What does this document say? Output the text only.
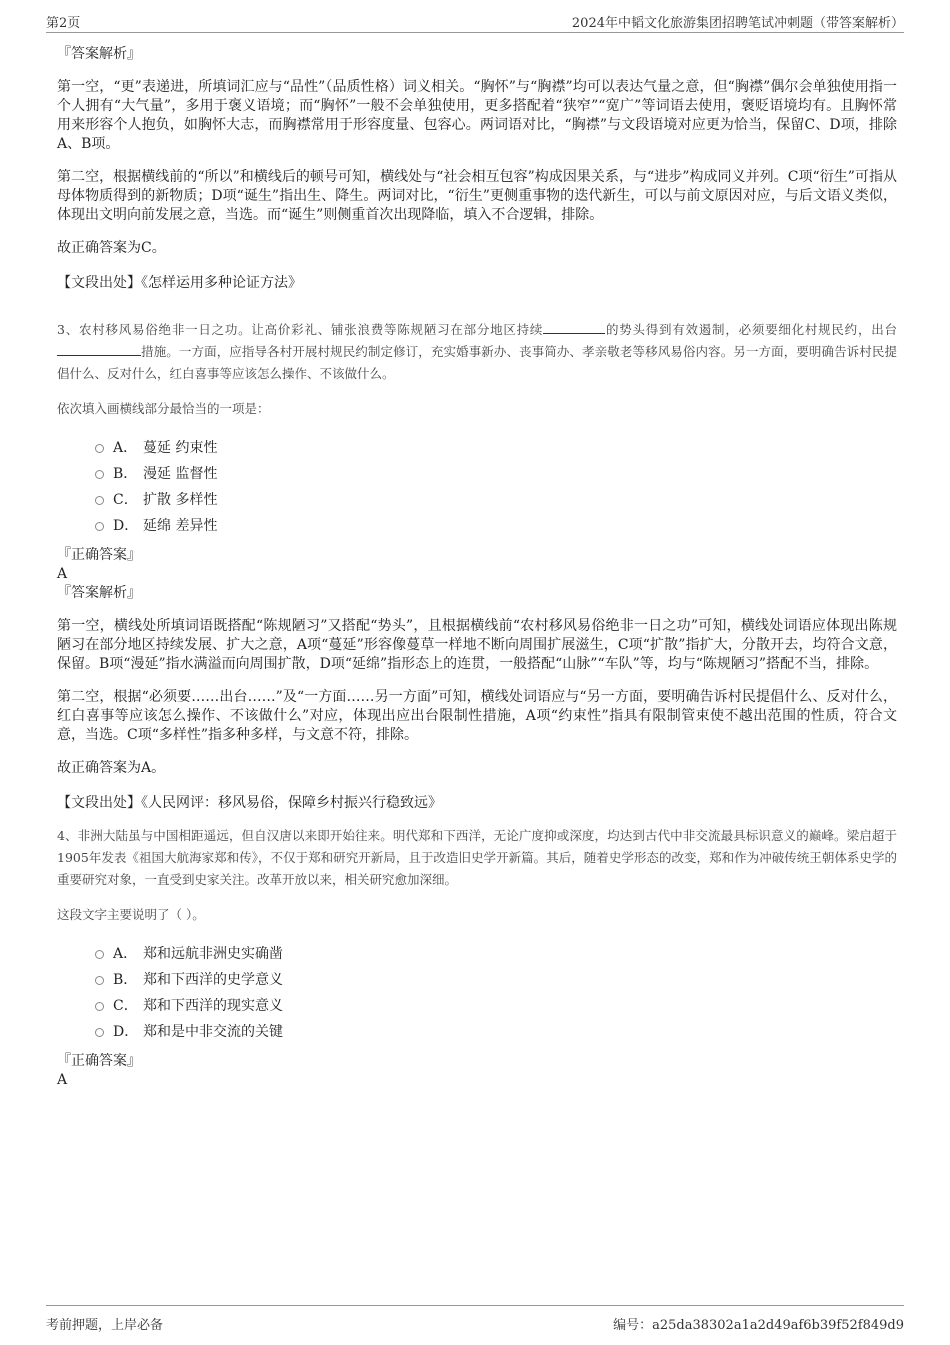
第2页	2024年中韬文化旅游集团招聘笔试冲刺题（带答案解析）

『答案解析』

第一空，“更”表递进，所填词汇应与“品性”（品质性格）词义相关。“胸怀”与“胸襟”均可以表达气量之意，但“胸襟”偶尔会单独使用指一个人拥有“大气量”，多用于褒义语境；而“胸怀”一般不会单独使用，更多搭配着“狭窄”“宽广”等词语去使用，褒贬语境均有。且胸怀常用来形容个人抱负，如胸怀大志，而胸襟常用于形容度量、包容心。两词语对比，“胸襟”与文段语境对应更为恰当，保留C、D项，排除A、B项。

第二空，根据横线前的“所以”和横线后的顿号可知，横线处与“社会相互包容”构成因果关系，与“进步”构成同义并列。C项“衍生”可指从母体物质得到的新物质；D项“诞生”指出生、降生。两词对比，“衍生”更侧重事物的迭代新生，可以与前文原因对应，与后文语义类似，体现出文明向前发展之意，当选。而“诞生”则侧重首次出现降临，填入不合逻辑，排除。

故正确答案为C。

【文段出处】《怎样运用多种论证方法》

3、农村移风易俗绝非一日之功。让高价彩礼、铺张浪费等陈规陋习在部分地区持续	的势头得到有效遏制，必须要细化村规民约，出台措施。一方面，应指导各村开展村规民约制定修订，充实婚事新办、丧事简办、孝亲敬老等移风易俗内容。另一方面，要明确告诉村民提倡什么、反对什么，红白喜事等应该怎么操作、不该做什么。

依次填入画横线部分最恰当的一项是：

A． 蔓延 约束性
B． 漫延 监督性
C． 扩散 多样性
D． 延绵 差异性

『正确答案』

A

『答案解析』

第一空，横线处所填词语既搭配“陈规陋习”又搭配“势头”，且根据横线前“农村移风易俗绝非一日之功”可知，横线处词语应体现出陈规陋习在部分地区持续发展、扩大之意，A项“蔓延”形容像蔓草一样地不断向周围扩展滋生，C项“扩散”指扩大，分散开去，均符合文意，保留。B项“漫延”指水满溢而向周围扩散，D项“延绵”指形态上的连贯，一般搭配“山脉”“车队”等，均与“陈规陋习”搭配不当，排除。

第二空，根据“必须要……出台……”及“一方面……另一方面”可知，横线处词语应与“另一方面，要明确告诉村民提倡什么、反对什么，红白喜事等应该怎么操作、不该做什么”对应，体现出应出台限制性措施，A项“约束性”指具有限制管束使不越出范围的性质，符合文意，当选。C项“多样性”指多种多样，与文意不符，排除。

故正确答案为A。

【文段出处】《人民网评：移风易俗，保障乡村振兴行稳致远》

4、非洲大陆虽与中国相距遥远，但自汉唐以来即开始往来。明代郑和下西洋，无论广度抑或深度，均达到古代中非交流最具标识意义的巅峰。梁启超于1905年发表《祖国大航海家郑和传》，不仅于郑和研究开新局，且于改造旧史学开新篇。其后，随着史学形态的改变，郑和作为冲破传统王朝体系史学的重要研究对象，一直受到史家关注。改革开放以来，相关研究愈加深细。

这段文字主要说明了（ ）。

A． 郑和远航非洲史实确凿
B． 郑和下西洋的史学意义
C． 郑和下西洋的现实意义
D． 郑和是中非交流的关键

『正确答案』

A

考前押题，上岸必备	编号：a25da38302a1a2d49af6b39f52f849d9
